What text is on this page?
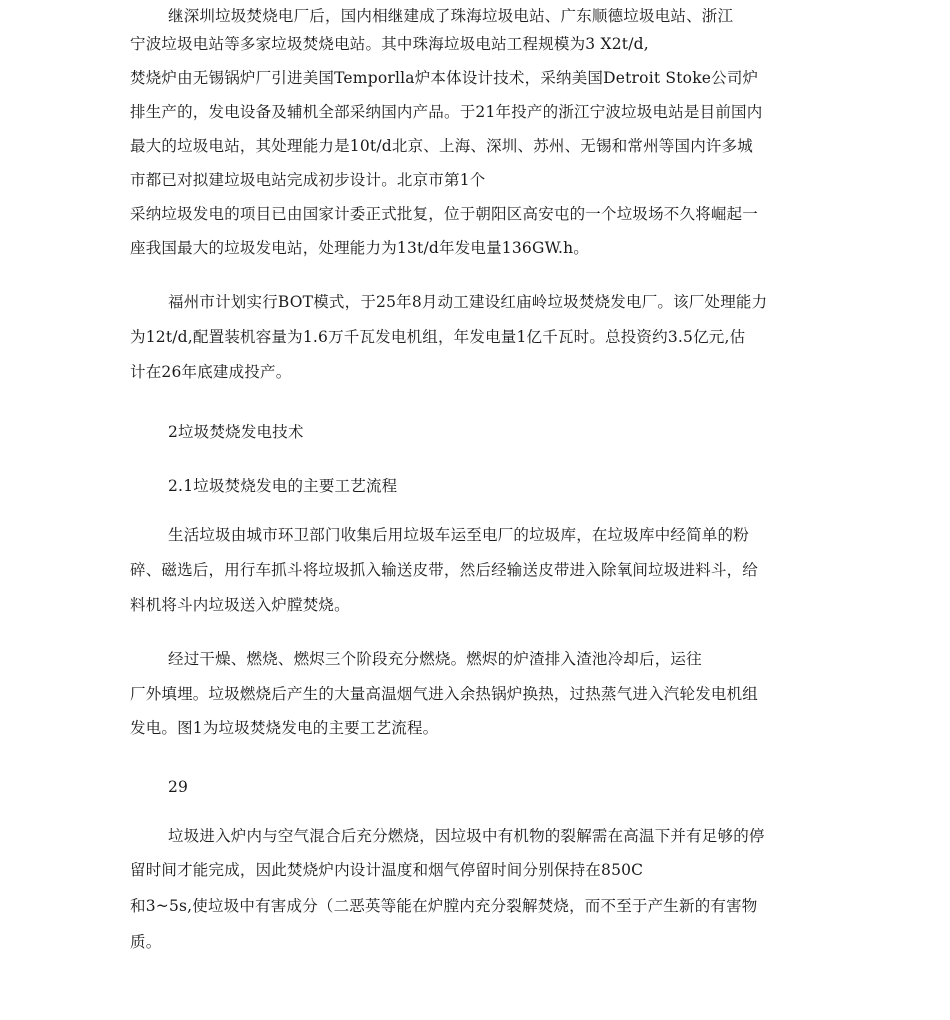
继深圳垃圾焚烧电厂后，国内相继建成了珠海垃圾电站、广东顺德垃圾电站、浙江
宁波垃圾电站等多家垃圾焚烧电站。其中珠海垃圾电站工程规模为3 X2t/d,
焚烧炉由无锡锅炉厂引进美国Temporlla炉本体设计技术，采纳美国Detroit Stoke公司炉
排生产的，发电设备及辅机全部采纳国内产品。于21年投产的浙江宁波垃圾电站是目前国内
最大的垃圾电站，其处理能力是10t/d北京、上海、深圳、苏州、无锡和常州等国内许多城
市都已对拟建垃圾电站完成初步设计。北京市第1个
采纳垃圾发电的项目已由国家计委正式批复，位于朝阳区高安屯的一个垃圾场不久将崛起一
座我国最大的垃圾发电站，处理能力为13t/d年发电量136GW.h。
福州市计划实行BOT模式，于25年8月动工建设红庙岭垃圾焚烧发电厂。该厂处理能力
为12t/d,配置装机容量为1.6万千瓦发电机组，年发电量1亿千瓦时。总投资约3.5亿元,估
计在26年底建成投产。
2垃圾焚烧发电技术
2.1垃圾焚烧发电的主要工艺流程
生活垃圾由城市环卫部门收集后用垃圾车运至电厂的垃圾库，在垃圾库中经简单的粉
碎、磁选后，用行车抓斗将垃圾抓入输送皮带，然后经输送皮带进入除氧间垃圾进料斗，给
料机将斗内垃圾送入炉膛焚烧。
经过干燥、燃烧、燃烬三个阶段充分燃烧。燃烬的炉渣排入渣池冷却后，运往
厂外填埋。垃圾燃烧后产生的大量高温烟气进入余热锅炉换热，过热蒸气进入汽轮发电机组
发电。图1为垃圾焚烧发电的主要工艺流程。
29
垃圾进入炉内与空气混合后充分燃烧，因垃圾中有机物的裂解需在高温下并有足够的停
留时间才能完成，因此焚烧炉内设计温度和烟气停留时间分别保持在850C
和3~5s,使垃圾中有害成分（二恶英等能在炉膛内充分裂解焚烧，而不至于产生新的有害物
质。
